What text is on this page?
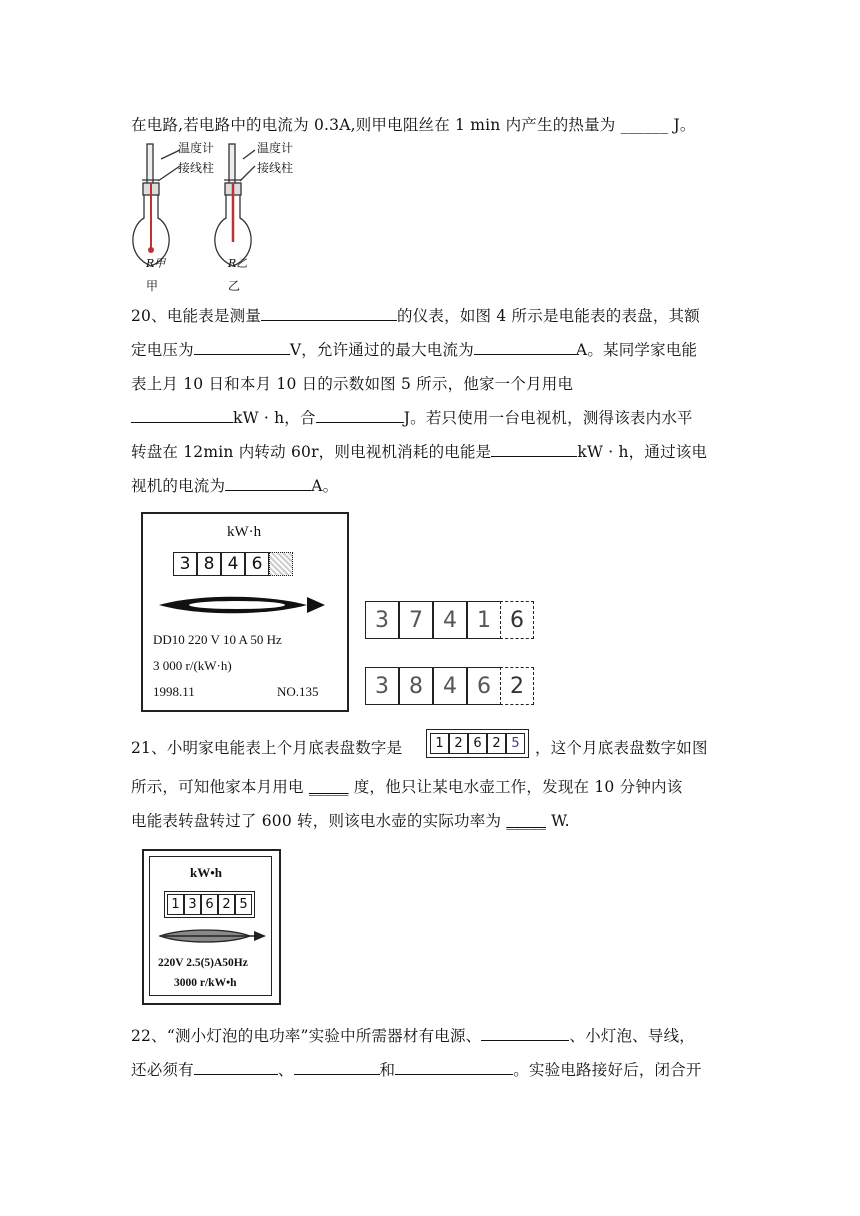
在电路,若电路中的电流为 0.3A,则甲电阻丝在 1 min 内产生的热量为 ______ J。
温度计
接线柱
温度计
接线柱
R甲	R乙
甲	乙
20、电能表是测量	的仪表，如图 4 所示是电能表的表盘，其额
定电压为	V，允许通过的最大电流为	A。某同学家电能
表上月 10 日和本月 10 日的示数如图 5 所示，他家一个月用电
kW · h，合	J。若只使用一台电视机，测得该表内水平
转盘在 12min 内转动 60r，则电视机消耗的电能是	kW · h，通过该电
视机的电流为	A。
kW·h
3 8 4 6
DD10 220 V 10 A 50 Hz
3 000 r/(kW·h)
1998.11	NO.135
3 7 4 1 6
3 8 4 6 2
21、小明家电能表上个月底表盘数字是	1 2 6 2 5 ，这个月底表盘数字如图
所示，可知他家本月用电 _____ 度，他只让某电水壶工作，发现在 10 分钟内该
电能表转盘转过了 600 转，则该电水壶的实际功率为 _____ W.
kW•h
1 3 6 2 5
220V 2.5(5)A50Hz
3000 r/kW•h
22、“测小灯泡的电功率”实验中所需器材有电源、	、小灯泡、导线，
还必须有	、	和	。实验电路接好后，闭合开
